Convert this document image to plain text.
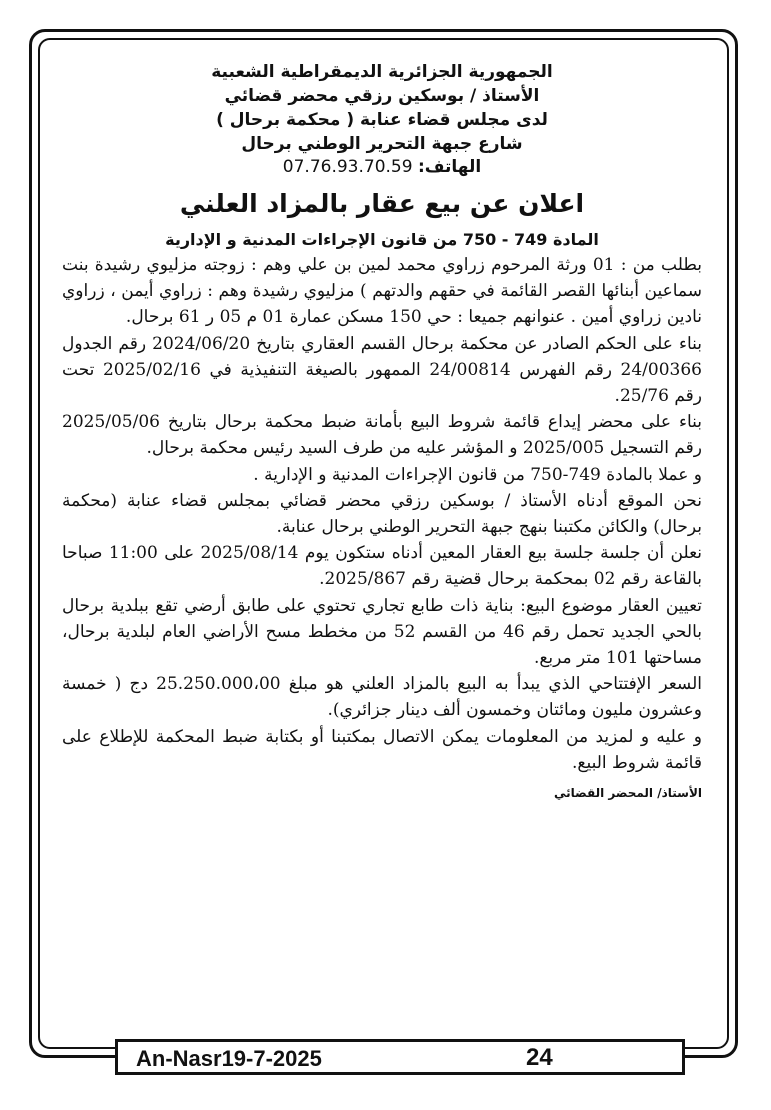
الجمهورية الجزائرية الديمقراطية الشعبية
الأستاذ / بوسكين رزقي محضر قضائي
لدى مجلس قضاء عنابة ( محكمة برحال )
شارع جبهة التحرير الوطني برحال
الهاتف: 07.76.93.70.59
اعلان عن بيع عقار بالمزاد العلني
المادة 749 - 750 من قانون الإجراءات المدنية و الإدارية

بطلب من : 01 ورثة المرحوم زراوي محمد لمين بن علي وهم : زوجته مزليوي رشيدة بنت سماعين أبنائها القصر القائمة في حقهم والدتهم ) مزليوي رشيدة وهم : زراوي أيمن ، زراوي نادين زراوي أمين . عنوانهم جميعا : حي 150 مسكن عمارة 01 م 05 ر 61 برحال.

بناء على الحكم الصادر عن محكمة برحال القسم العقاري بتاريخ 2024/06/20 رقم الجدول 24/00366 رقم الفهرس 24/00814 الممهور بالصيغة التنفيذية في 2025/02/16 تحت رقم 25/76.

بناء على محضر إيداع قائمة شروط البيع بأمانة ضبط محكمة برحال بتاريخ 2025/05/06 رقم التسجيل 2025/005 و المؤشر عليه من طرف السيد رئيس محكمة برحال.

و عملا بالمادة 749-750 من قانون الإجراءات المدنية و الإدارية .

نحن الموقع أدناه الأستاذ / بوسكين رزقي محضر قضائي بمجلس قضاء عنابة (محكمة برحال) والكائن مكتبنا بنهج جبهة التحرير الوطني برحال عنابة.

نعلن أن جلسة جلسة بيع العقار المعين أدناه ستكون يوم 2025/08/14 على 11:00 صباحا بالقاعة رقم 02 بمحكمة برحال قضية رقم 2025/867.

تعيين العقار موضوع البيع: بناية ذات طابع تجاري تحتوي على طابق أرضي تقع ببلدية برحال بالحي الجديد تحمل رقم 46 من القسم 52 من مخطط مسح الأراضي العام لبلدية برحال، مساحتها 101 متر مربع.

السعر الإفتتاحي الذي يبدأ به البيع بالمزاد العلني هو مبلغ 25.250.000،00 دج ( خمسة وعشرون مليون ومائتان وخمسون ألف دينار جزائري).

و عليه و لمزيد من المعلومات يمكن الاتصال بمكتبنا أو بكتابة ضبط المحكمة للإطلاع على قائمة شروط البيع.

الأستاذ/ المحضر القضائي
An-Nasr19-7-2025	24
